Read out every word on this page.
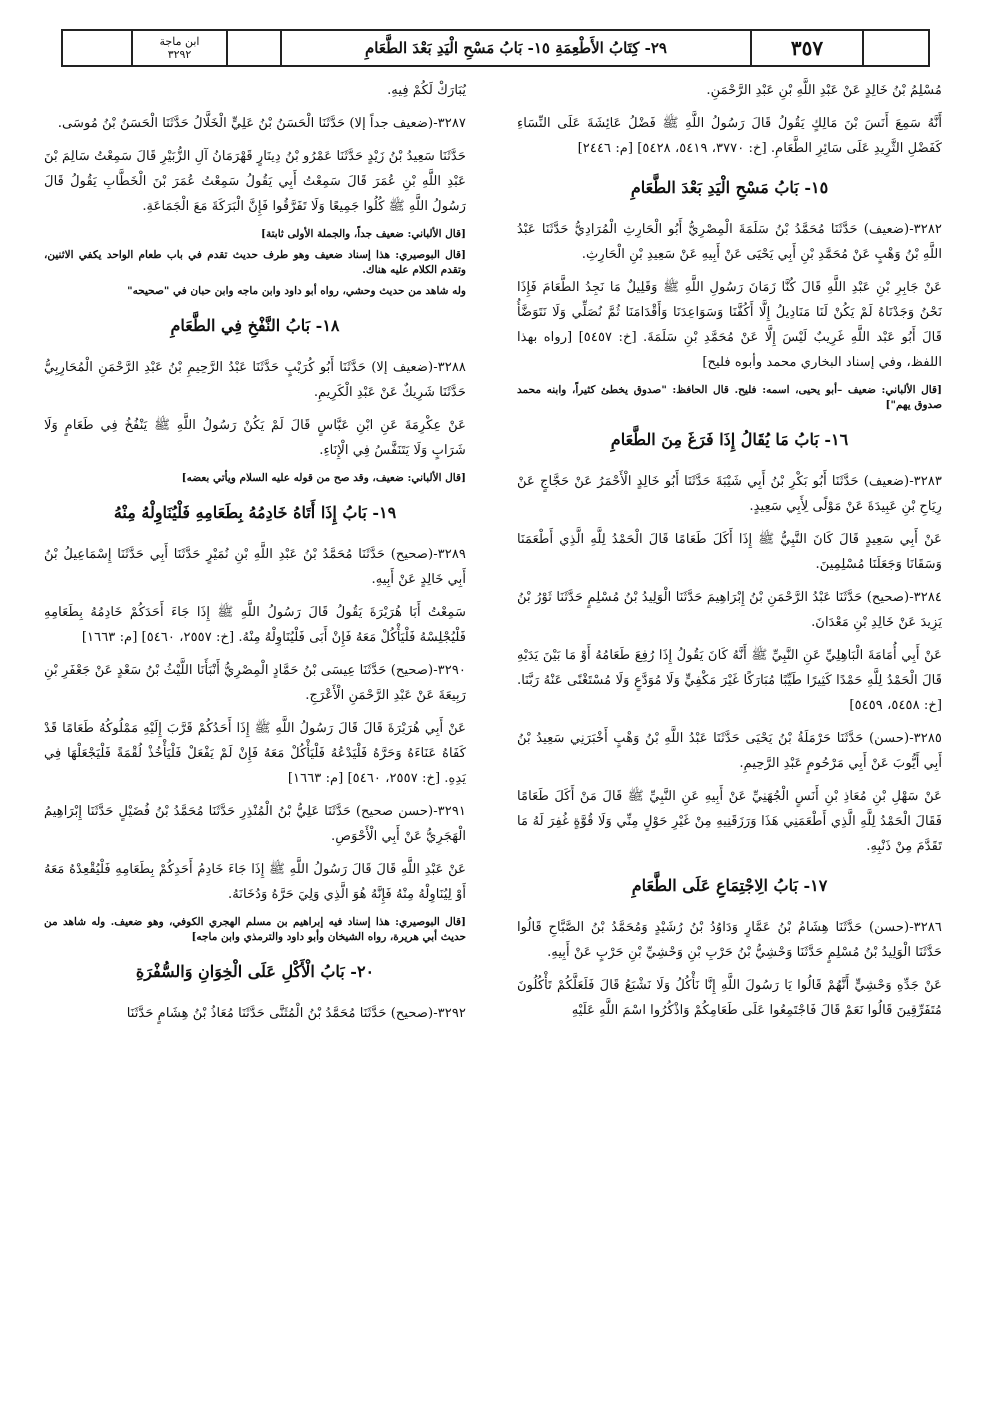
٣٥٧
٢٩- كِتَابُ الأَطْعِمَةِ ١٥- بَابُ مَسْحِ الْيَدِ بَعْدَ الطَّعَامِ
ابن ماجة
٣٢٩٢

مُسْلِمُ بْنُ خَالِدٍ عَنْ عَبْدِ اللَّهِ بْنِ عَبْدِ الرَّحْمَنِ.

أَنَّهُ سَمِعَ أَنَسَ بْنَ مَالِكٍ يَقُولُ قَالَ رَسُولُ اللَّهِ ﷺ فَضْلُ عَائِشَةَ عَلَى النِّسَاءِ كَفَضْلِ الثَّرِيدِ عَلَى سَائِرِ الطَّعَامِ. [خ: ٣٧٧٠، ٥٤١٩، ٥٤٢٨] [م: ٢٤٤٦]

١٥- بَابُ مَسْحِ الْيَدِ بَعْدَ الطَّعَامِ

٣٢٨٢-(ضعيف) حَدَّثَنَا مُحَمَّدُ بْنُ سَلَمَةَ الْمِصْرِيُّ أَبُو الْحَارِثِ الْمُرَادِيُّ حَدَّثَنَا عَبْدُ اللَّهِ بْنُ وَهْبٍ عَنْ مُحَمَّدِ بْنِ أَبِي يَحْيَى عَنْ أَبِيهِ عَنْ سَعِيدِ بْنِ الْحَارِثِ.

عَنْ جَابِرِ بْنِ عَبْدِ اللَّهِ قَالَ كُنَّا زَمَانَ رَسُولِ اللَّهِ ﷺ وَقَلِيلٌ مَا نَجِدُ الطَّعَامَ فَإِذَا نَحْنُ وَجَدْنَاهُ لَمْ يَكُنْ لَنَا مَنَادِيلُ إِلَّا أَكُفَّنَا وَسَوَاعِدَنَا وَأَقْدَامَنَا ثُمَّ نُصَلِّي وَلَا نَتَوَضَّأُ قَالَ أَبُو عَبْد اللَّهِ غَرِيبٌ لَيْسَ إِلَّا عَنْ مُحَمَّدِ بْنِ سَلَمَةَ. [خ: ٥٤٥٧] [رواه بهذا اللفظ، وفي إسناد البخاري محمد وأبوه فليح]

[قال الألباني: ضعيف –أبو يحيى، اسمه: فليح. قال الحافظ: "صدوق يخطئ كثيراً، وابنه محمد صدوق يهم"]

١٦- بَابُ مَا يُقَالُ إِذَا فَرَغَ مِنَ الطَّعَامِ

٣٢٨٣-(ضعيف) حَدَّثَنَا أَبُو بَكْرِ بْنُ أَبِي شَيْبَةَ حَدَّثَنَا أَبُو خَالِدٍ الْأَحْمَرُ عَنْ حَجَّاجٍ عَنْ رِيَاحِ بْنِ عَبِيدَةَ عَنْ مَوْلًى لِأَبِي سَعِيدٍ.

عَنْ أَبِي سَعِيدٍ قَالَ كَانَ النَّبِيُّ ﷺ إِذَا أَكَلَ طَعَامًا قَالَ الْحَمْدُ لِلَّهِ الَّذِي أَطْعَمَنَا وَسَقَانَا وَجَعَلَنَا مُسْلِمِينَ.

٣٢٨٤-(صحيح) حَدَّثَنَا عَبْدُ الرَّحْمَنِ بْنُ إِبْرَاهِيمَ حَدَّثَنَا الْوَلِيدُ بْنُ مُسْلِمٍ حَدَّثَنَا ثَوْرُ بْنُ يَزِيدَ عَنْ خَالِدِ بْنِ مَعْدَانَ.

عَنْ أَبِي أُمَامَةَ الْبَاهِلِيِّ عَنِ النَّبِيِّ ﷺ أَنَّهُ كَانَ يَقُولُ إِذَا رُفِعَ طَعَامُهُ أَوْ مَا بَيْنَ يَدَيْهِ قَالَ الْحَمْدُ لِلَّهِ حَمْدًا كَثِيرًا طَيِّبًا مُبَارَكًا غَيْرَ مَكْفِيٍّ وَلَا مُوَدَّعٍ وَلَا مُسْتَغْنًى عَنْهُ رَبَّنَا. [خ: ٥٤٥٨، ٥٤٥٩]

٣٢٨٥-(حسن) حَدَّثَنَا حَرْمَلَةُ بْنُ يَحْيَى حَدَّثَنَا عَبْدُ اللَّهِ بْنُ وَهْبٍ أَخْبَرَنِي سَعِيدُ بْنُ أَبِي أَيُّوبَ عَنْ أَبِي مَرْحُومٍ عَبْدِ الرَّحِيمِ.

عَنْ سَهْلِ بْنِ مُعَاذِ بْنِ أَنَسٍ الْجُهَنِيِّ عَنْ أَبِيهِ عَنِ النَّبِيِّ ﷺ قَالَ مَنْ أَكَلَ طَعَامًا فَقَالَ الْحَمْدُ لِلَّهِ الَّذِي أَطْعَمَنِي هَذَا وَرَزَقَنِيهِ مِنْ غَيْرِ حَوْلٍ مِنِّي وَلَا قُوَّةٍ غُفِرَ لَهُ مَا تَقَدَّمَ مِنْ ذَنْبِهِ.

١٧- بَابُ الِاجْتِمَاعِ عَلَى الطَّعَامِ

٣٢٨٦-(حسن) حَدَّثَنَا هِشَامُ بْنُ عَمَّارٍ وَدَاوُدُ بْنُ رُشَيْدٍ وَمُحَمَّدُ بْنُ الصَّبَّاحِ قَالُوا حَدَّثَنَا الْوَلِيدُ بْنُ مُسْلِمٍ حَدَّثَنَا وَحْشِيُّ بْنُ حَرْبِ بْنِ وَحْشِيِّ بْنِ حَرْبٍ عَنْ أَبِيهِ.

عَنْ جَدِّهِ وَحْشِيٍّ أَنَّهُمْ قَالُوا يَا رَسُولَ اللَّهِ إِنَّا نَأْكُلُ وَلَا نَشْبَعُ قَالَ فَلَعَلَّكُمْ تَأْكُلُونَ مُتَفَرِّقِينَ قَالُوا نَعَمْ قَالَ فَاجْتَمِعُوا عَلَى طَعَامِكُمْ وَاذْكُرُوا اسْمَ اللَّهِ عَلَيْهِ

يُبَارَكْ لَكُمْ فِيهِ.

٣٢٨٧-(ضعيف جداً إلا) حَدَّثَنَا الْحَسَنُ بْنُ عَلِيٍّ الْخَلَّالُ حَدَّثَنَا الْحَسَنُ بْنُ مُوسَى.

حَدَّثَنَا سَعِيدُ بْنُ زَيْدٍ حَدَّثَنَا عَمْرُو بْنُ دِينَارٍ قَهْرَمَانُ آلِ الزُّبَيْرِ قَالَ سَمِعْتُ سَالِمَ بْنَ عَبْدِ اللَّهِ بْنِ عُمَرَ قَالَ سَمِعْتُ أَبِي يَقُولُ سَمِعْتُ عُمَرَ بْنَ الْخَطَّابِ يَقُولُ قَالَ رَسُولُ اللَّهِ ﷺ كُلُوا جَمِيعًا وَلَا تَفَرَّقُوا فَإِنَّ الْبَرَكَةَ مَعَ الْجَمَاعَةِ.

[قال الألباني: ضعيف جداً، والجملة الأولى ثابتة]

[قال البوصيري: هذا إسناد ضعيف وهو طرف حديث تقدم في باب طعام الواحد يكفي الاثنين، وتقدم الكلام عليه هناك.

وله شاهد من حديث وحشي، رواه أبو داود وابن ماجه وابن حبان في "صحيحه"

١٨- بَابُ النَّفْخِ فِي الطَّعَامِ

٣٢٨٨-(ضعيف إلا) حَدَّثَنَا أَبُو كُرَيْبٍ حَدَّثَنَا عَبْدُ الرَّحِيمِ بْنُ عَبْدِ الرَّحْمَنِ الْمُحَارِبِيُّ حَدَّثَنَا شَرِيكٌ عَنْ عَبْدِ الْكَرِيمِ.

عَنْ عِكْرِمَةَ عَنِ ابْنِ عَبَّاسٍ قَالَ لَمْ يَكُنْ رَسُولُ اللَّهِ ﷺ يَنْفُخُ فِي طَعَامٍ وَلَا شَرَابٍ وَلَا يَتَنَفَّسُ فِي الْإِنَاءِ.

[قال الألباني: ضعيف، وقد صح من قوله عليه السلام ويأتي بعضه]

١٩- بَابُ إِذَا أَتَاهُ خَادِمُهُ بِطَعَامِهِ فَلْيُنَاوِلْهُ مِنْهُ

٣٢٨٩-(صحيح) حَدَّثَنَا مُحَمَّدُ بْنُ عَبْدِ اللَّهِ بْنِ نُمَيْرٍ حَدَّثَنَا أَبِي حَدَّثَنَا إِسْمَاعِيلُ بْنُ أَبِي خَالِدٍ عَنْ أَبِيهِ.

سَمِعْتُ أَبَا هُرَيْرَةَ يَقُولُ قَالَ رَسُولُ اللَّهِ ﷺ إِذَا جَاءَ أَحَدَكُمْ خَادِمُهُ بِطَعَامِهِ فَلْيُجْلِسْهُ فَلْيَأْكُلْ مَعَهُ فَإِنْ أَبَى فَلْيُنَاوِلْهُ مِنْهُ. [خ: ٢٥٥٧، ٥٤٦٠] [م: ١٦٦٣]

٣٢٩٠-(صحيح) حَدَّثَنَا عِيسَى بْنُ حَمَّادٍ الْمِصْرِيُّ أَنْبَأَنَا اللَّيْثُ بْنُ سَعْدٍ عَنْ جَعْفَرِ بْنِ رَبِيعَةَ عَنْ عَبْدِ الرَّحْمَنِ الْأَعْرَجِ.

عَنْ أَبِي هُرَيْرَةَ قَالَ قَالَ رَسُولُ اللَّهِ ﷺ إِذَا أَحَدُكُمْ قَرَّبَ إِلَيْهِ مَمْلُوكُهُ طَعَامًا قَدْ كَفَاهُ عَنَاءَهُ وَحَرَّهُ فَلْيَدْعُهُ فَلْيَأْكُلْ مَعَهُ فَإِنْ لَمْ يَفْعَلْ فَلْيَأْخُذْ لُقْمَةً فَلْيَجْعَلْهَا فِي يَدِهِ. [خ: ٢٥٥٧، ٥٤٦٠] [م: ١٦٦٣]

٣٢٩١-(حسن صحيح) حَدَّثَنَا عَلِيُّ بْنُ الْمُنْذِرِ حَدَّثَنَا مُحَمَّدُ بْنُ فُضَيْلٍ حَدَّثَنَا إِبْرَاهِيمُ الْهَجَرِيُّ عَنْ أَبِي الْأَحْوَصِ.

عَنْ عَبْدِ اللَّهِ قَالَ قَالَ رَسُولُ اللَّهِ ﷺ إِذَا جَاءَ خَادِمُ أَحَدِكُمْ بِطَعَامِهِ فَلْيُقْعِدْهُ مَعَهُ أَوْ لِيُنَاوِلْهُ مِنْهُ فَإِنَّهُ هُوَ الَّذِي وَلِيَ حَرَّهُ وَدُخَانَهُ.

[قال البوصيري: هذا إسناد فيه إبراهيم بن مسلم الهجري الكوفي، وهو ضعيف. وله شاهد من حديث أبي هريرة، رواه الشيخان وأبو داود والترمذي وابن ماجه]

٢٠- بَابُ الْأَكْلِ عَلَى الْخِوَانِ وَالسُّفْرَةِ

٣٢٩٢-(صحيح) حَدَّثَنَا مُحَمَّدُ بْنُ الْمُثَنَّى حَدَّثَنَا مُعَاذُ بْنُ هِشَامٍ حَدَّثَنَا
